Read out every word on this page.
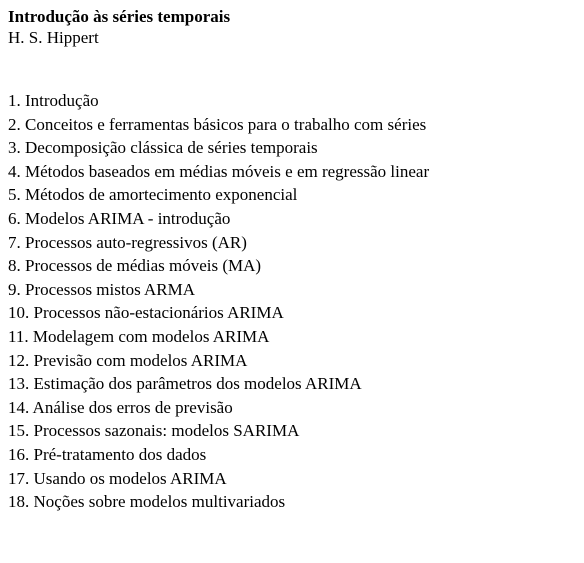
Introdução às séries temporais
H. S. Hippert
1. Introdução
2. Conceitos e ferramentas básicos para o trabalho com séries
3. Decomposição clássica de séries temporais
4. Métodos baseados em médias móveis e em regressão linear
5. Métodos de amortecimento exponencial
6. Modelos ARIMA - introdução
7. Processos auto-regressivos (AR)
8. Processos de médias móveis (MA)
9. Processos mistos ARMA
10. Processos não-estacionários ARIMA
11. Modelagem com modelos ARIMA
12. Previsão com modelos ARIMA
13. Estimação dos parâmetros dos modelos ARIMA
14. Análise dos erros de previsão
15. Processos sazonais: modelos SARIMA
16. Pré-tratamento dos dados
17. Usando os modelos ARIMA
18. Noções sobre modelos multivariados
